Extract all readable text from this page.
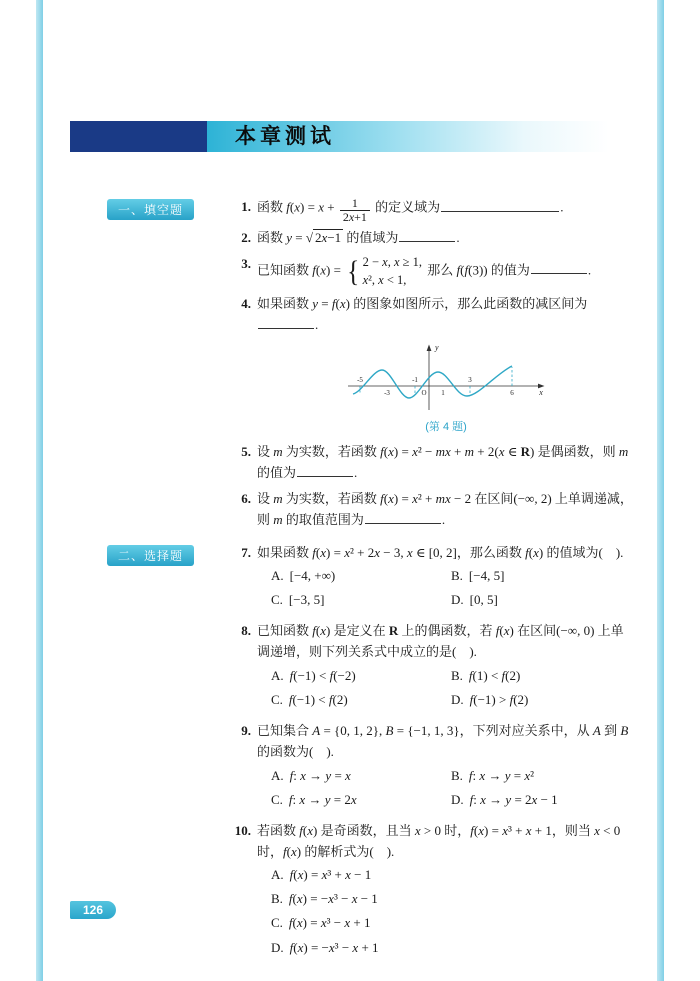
本章测试
一、填空题	1. 函数 $f(x) = x + \frac{1}{2x+1}$ 的定义域为	.

2. 函数 y = √ 2x−1 的值域为	.

3. 已知函数 f(x) = { 2 − x, x ≥ 1,
x², x < 1,
那么 f(f(3)) 的值为	.

4. 如果函数 y = f(x) 的图象如图所示，那么此函数的减区间为.

x
y
-5
-3
-1
O 1
3
6
(第 4 题)
5. 设 m 为实数，若函数 f(x) = x² − mx + m + 2(x ∈ R) 是偶函数，则 m 的值为	.

6. 设 m 为实数，若函数 f(x) = x² + mx − 2 在区间(−∞, 2) 上单调递减，则 m 的取值范围为	.

二、选择题	7. 如果函数 f(x) = x² + 2x − 3, x ∈ [0, 2]，那么函数 f(x) 的值域为(    ).

A. [−4, +∞)	B. [−4, 5]
C. [−3, 5]	D. [0, 5]
8. 已知函数 f(x) 是定义在 R 上的偶函数，若 f(x) 在区间(−∞, 0) 上单调递增，则下列关系式中成立的是(    ).

A. f(−1) < f(−2)	B. f(1) < f(2)
C. f(−1) < f(2)	D. f(−1) > f(2)
9. 已知集合 A = {0, 1, 2}, B = {−1, 1, 3}，下列对应关系中，从 A 到 B 的函数为(    ).

A. f: x → y = x	B. f: x → y = x²
C. f: x → y = 2x	D. f: x → y = 2x − 1
10. 若函数 f(x) 是奇函数，且当 x > 0 时，f(x) = x³ + x + 1，则当 x < 0 时，f(x) 的解析式为(    ).

A. f(x) = x³ + x − 1
B. f(x) = −x³ − x − 1
C. f(x) = x³ − x + 1
D. f(x) = −x³ − x + 1
126
